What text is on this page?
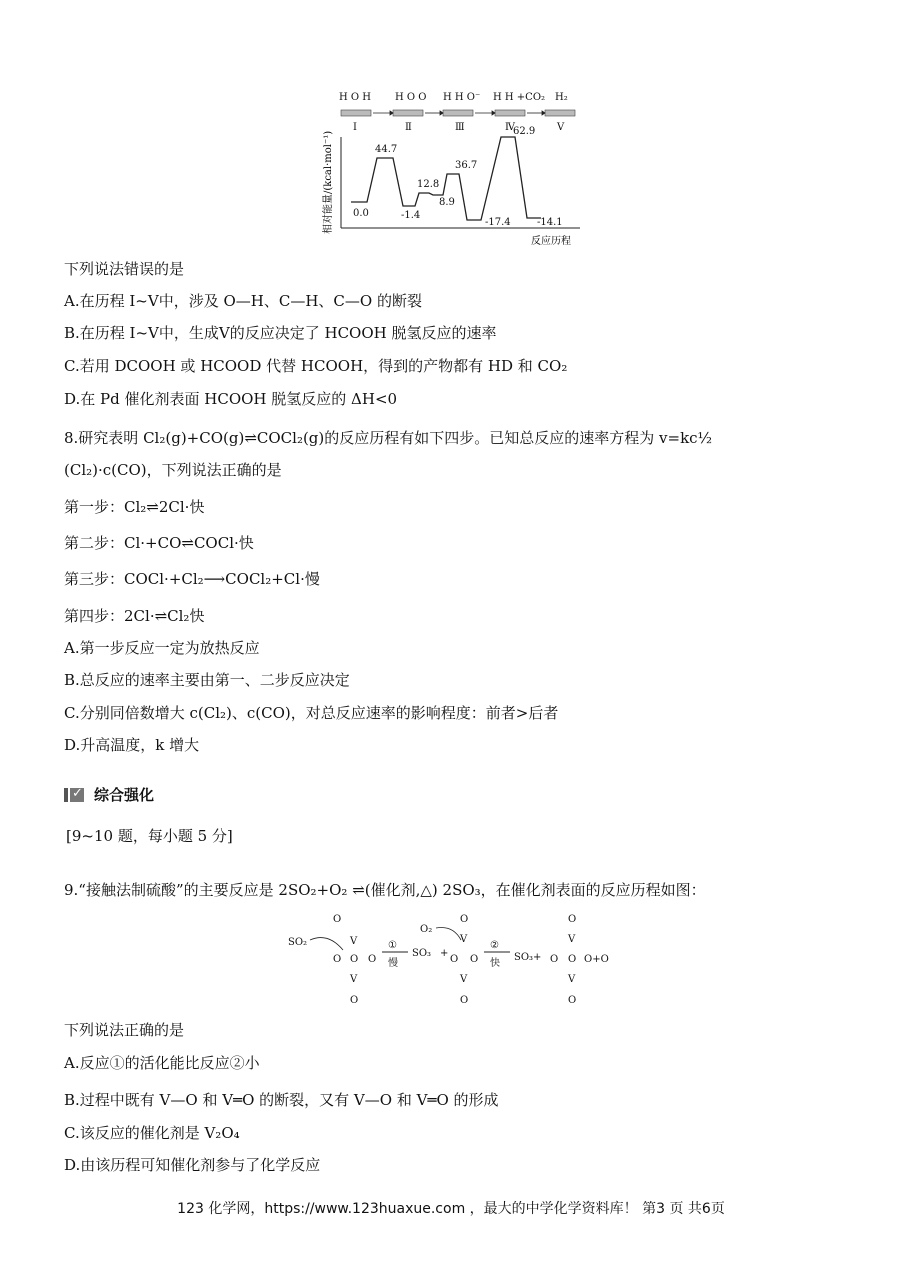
H O H H O O H H O⁻ H H +CO₂ H₂
Ⅰ	Ⅱ	Ⅲ	Ⅳ	Ⅴ
相对能量/(kcal·mol⁻¹)
反应历程
0.0
44.7
-1.4
12.8
8.9
36.7
-17.4
62.9
-14.1
下列说法错误的是
A.在历程 Ⅰ~Ⅴ中，涉及 O—H、C—H、C—O 的断裂
B.在历程 Ⅰ~Ⅴ中，生成Ⅴ的反应决定了 HCOOH 脱氢反应的速率
C.若用 DCOOH 或 HCOOD 代替 HCOOH，得到的产物都有 HD 和 CO₂
D.在 Pd 催化剂表面 HCOOH 脱氢反应的 ΔH<0
8.研究表明 Cl₂(g)+CO(g)⇌COCl₂(g)的反应历程有如下四步。已知总反应的速率方程为 v=kc½
(Cl₂)·c(CO)，下列说法正确的是
第一步：Cl₂⇌2Cl·快
第二步：Cl·+CO⇌COCl·快
第三步：COCl·+Cl₂⟶COCl₂+Cl·慢
第四步：2Cl·⇌Cl₂快
A.第一步反应一定为放热反应
B.总反应的速率主要由第一、二步反应决定
C.分别同倍数增大 c(Cl₂)、c(CO)，对总反应速率的影响程度：前者>后者
D.升高温度，k 增大
✓ 综合强化
[9~10 题，每小题 5 分]
9.“接触法制硫酸”的主要反应是 2SO₂+O₂ ⇌(催化剂,△) 2SO₃，在催化剂表面的反应历程如图：
SO₂
O
V
O O O
V
O
①
慢
SO₃ +
O₂
O
V
O O
V
O
②
快
SO₃+
O
V
O O O+O
V
O
下列说法正确的是
A.反应①的活化能比反应②小
B.过程中既有 V—O 和 V═O 的断裂，又有 V—O 和 V═O 的形成
C.该反应的催化剂是 V₂O₄
D.由该历程可知催化剂参与了化学反应
123 化学网，https://www.123huaxue.com ，最大的中学化学资料库！ 第3 页 共6页
